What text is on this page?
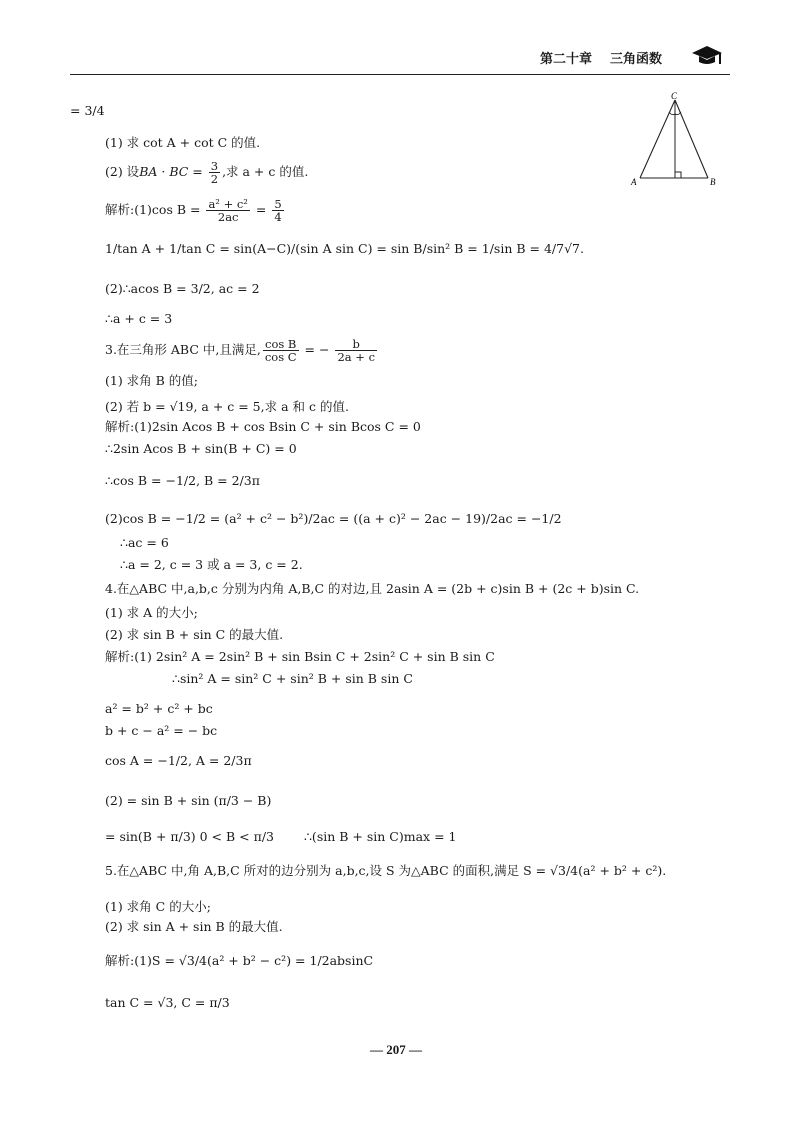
第二十章 三角函数
C
A	B
= 3/4
(1) 求 cot A + cot C 的值.
(2) 设BA · BC = $\frac{3}{2}$ ,求 a + c 的值.
解析:(1)cos $B = \frac{\text{a² + c²}}{2ac} = \frac{5}{4}$
1/tan A + 1/tan C = sin(A−C)/(sin A sin C) = sin B/sin² B = 1/sin B = 4/7√7.
(2)∴acos B = 3/2, ac = 2
∴a + c = 3
3.在三角形 ABC 中,且满足, $\frac{\text{cos B}}{\text{cos C}}$ = − $\frac{b}{2a + c}$
(1) 求角 B 的值;
(2) 若 b = √19, a + c = 5,求 a 和 c 的值.
解析:(1)2sin Acos B + cos Bsin C + sin Bcos C = 0
∴2sin Acos B + sin(B + C) = 0
∴cos B = −1/2, B = 2/3π
(2)cos B = −1/2 = (a² + c² − b²)/2ac = ((a + c)² − 2ac − 19)/2ac = −1/2
∴ac = 6
∴a = 2, c = 3 或 a = 3, c = 2.
4.在△ABC 中,a,b,c 分别为内角 A,B,C 的对边,且 2asin A = (2b + c)sin B + (2c + b)sin C.
(1) 求 A 的大小;
(2) 求 sin B + sin C 的最大值.
解析:(1) 2sin² A = 2sin² B + sin Bsin C + 2sin² C + sin B sin C
∴sin² A = sin² C + sin² B + sin B sin C
a² = b² + c² + bc
b + c − a² = − bc
cos A = −1/2, A = 2/3π
(2) = sin B + sin (π/3 − B)
= sin(B + π/3) 0 < B < π/3 ∴(sin B + sin C)max = 1
5.在△ABC 中,角 A,B,C 所对的边分别为 a,b,c,设 S 为△ABC 的面积,满足 S = √3/4(a² + b² + c²).
(1) 求角 C 的大小;
(2) 求 sin A + sin B 的最大值.
解析:(1)S = √3/4(a² + b² − c²) = 1/2absinC
tan C = √3, C = π/3
— 207 —
